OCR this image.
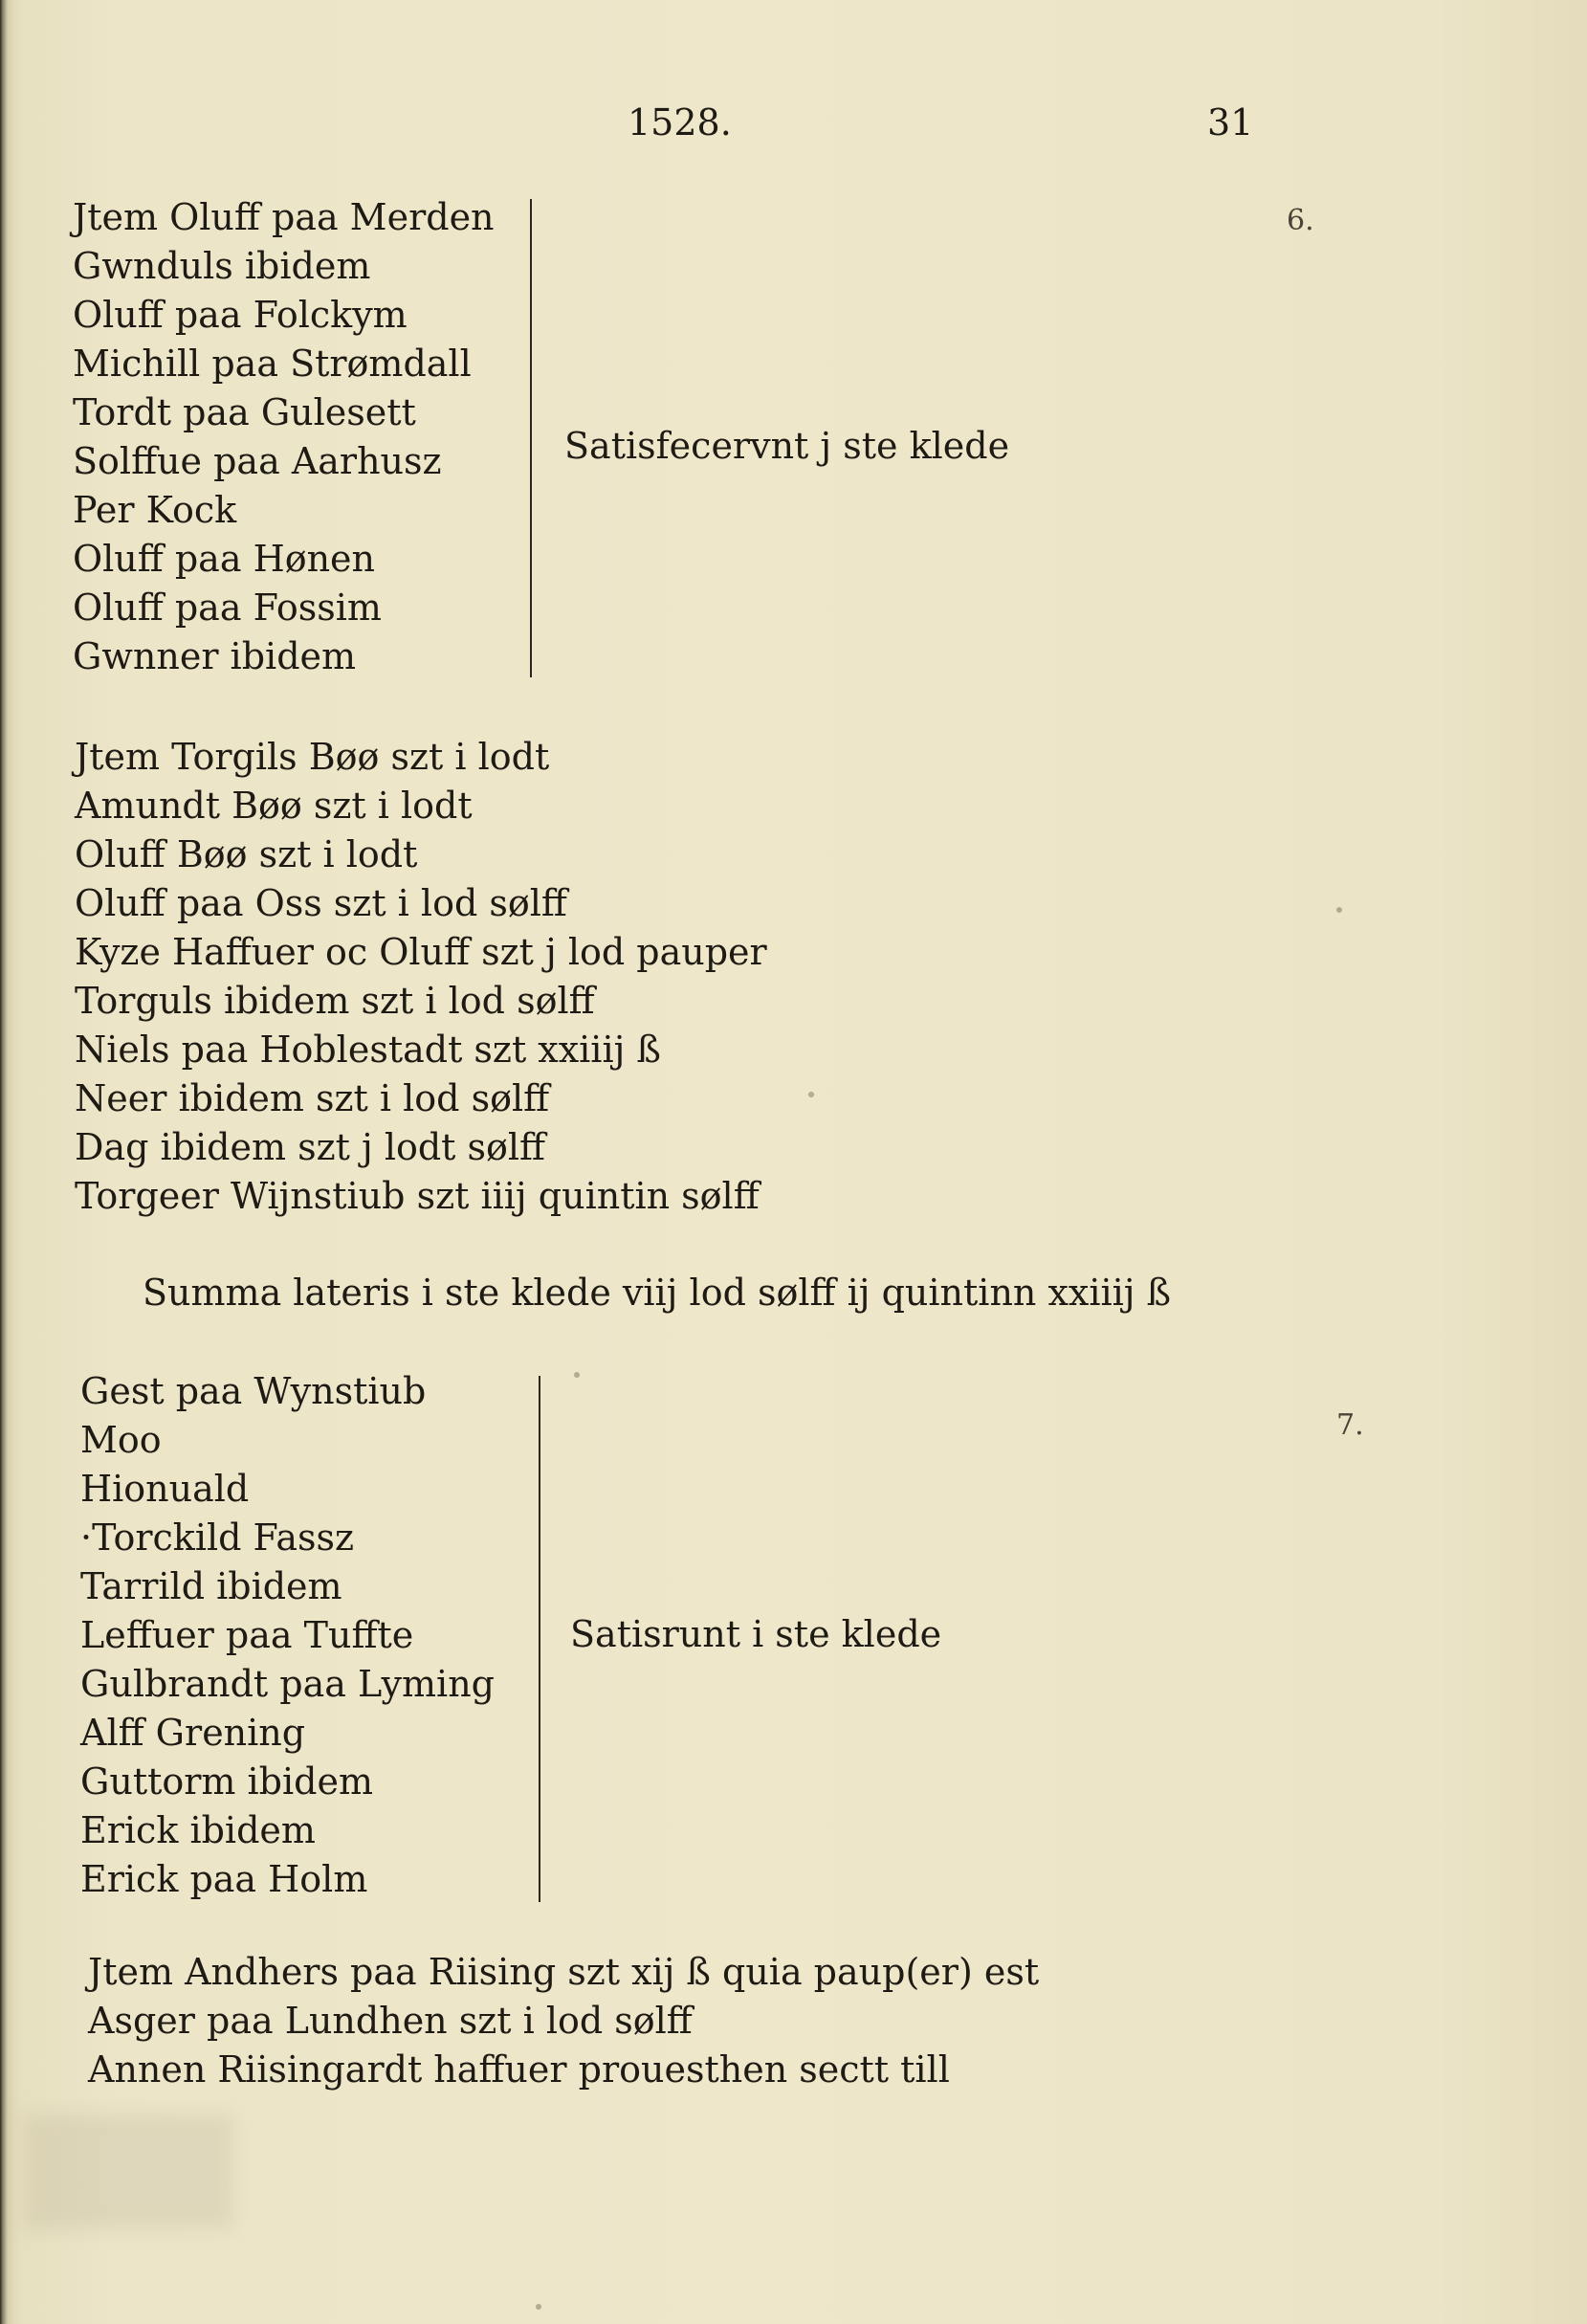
1528.	31
6.
7.
Jtem Oluff paa Merden
Gwnduls ibidem
Oluff paa Folckym
Michill paa Strømdall
Tordt paa Gulesett
Solffue paa Aarhusz
Per Kock
Oluff paa Hønen
Oluff paa Fossim
Gwnner ibidem
Satisfecervnt j ste klede
Jtem Torgils Bøø szt i lodt
Amundt Bøø szt i lodt
Oluff Bøø szt i lodt
Oluff paa Oss szt i lod sølff
Kyze Haffuer oc Oluff szt j lod pauper
Torguls ibidem szt i lod sølff
Niels paa Hoblestadt szt xxiiij ß
Neer ibidem szt i lod sølff
Dag ibidem szt j lodt sølff
Torgeer Wijnstiub szt iiij quintin sølff
Summa lateris i ste klede viij lod sølff ij quintinn xxiiij ß
Gest paa Wynstiub
Moo
Hionuald
·Torckild Fassz
Tarrild ibidem
Leffuer paa Tuffte
Gulbrandt paa Lyming
Alff Grening
Guttorm ibidem
Erick ibidem
Erick paa Holm
Satisrunt i ste klede
Jtem Andhers paa Riising szt xij ß quia paup(er) est
Asger paa Lundhen szt i lod sølff
Annen Riisingardt haffuer prouesthen sectt till
